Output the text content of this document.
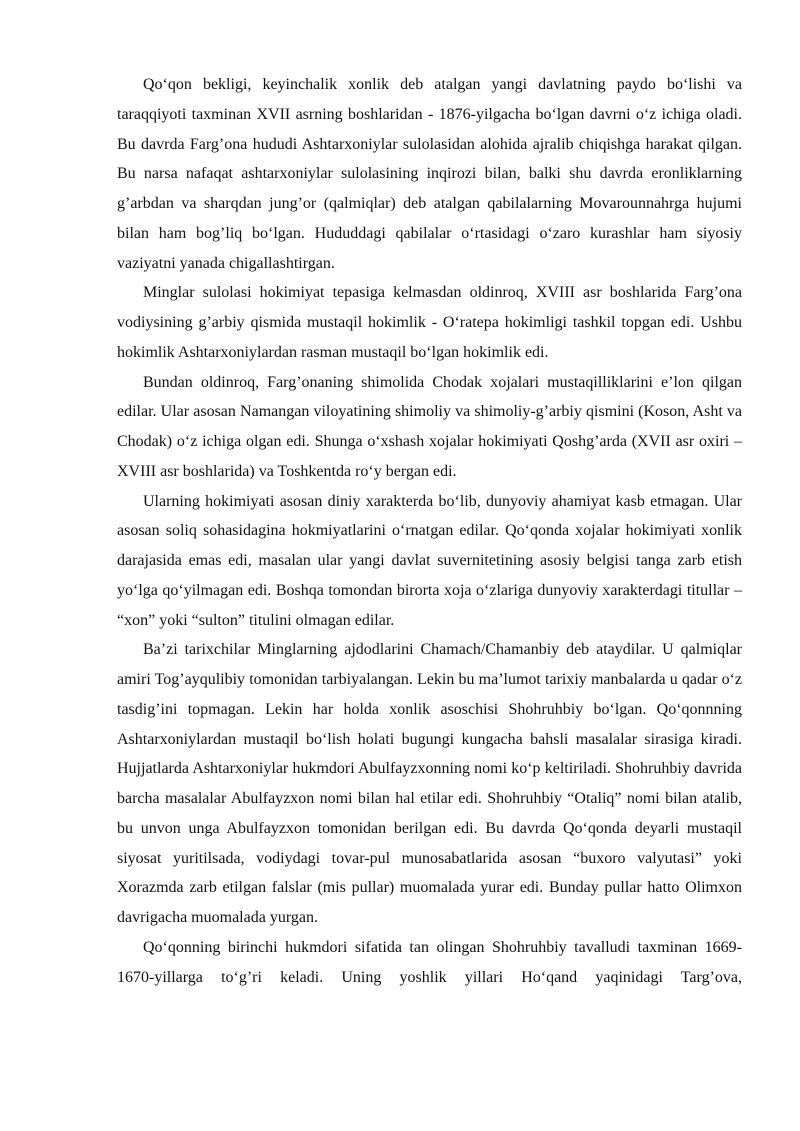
Qo‘qon bekligi, keyinchalik xonlik deb atalgan yangi davlatning paydo bo‘lishi va taraqqiyoti taxminan XVII asrning boshlaridan - 1876-yilgacha bo‘lgan davrni o‘z ichiga oladi. Bu davrda Farg’ona hududi Ashtarxoniylar sulolasidan alohida ajralib chiqishga harakat qilgan. Bu narsa nafaqat ashtarxoniylar sulolasining inqirozi bilan, balki shu davrda eronliklarning g’arbdan va sharqdan jung’or (qalmiqlar) deb atalgan qabilalarning Movarounnahrga hujumi bilan ham bog’liq bo‘lgan. Hududdagi qabilalar o‘rtasidagi o‘zaro kurashlar ham siyosiy vaziyatni yanada chigallashtirgan.

Minglar sulolasi hokimiyat tepasiga kelmasdan oldinroq, XVIII asr boshlarida Farg’ona vodiysining g’arbiy qismida mustaqil hokimlik - O‘ratepa hokimligi tashkil topgan edi. Ushbu hokimlik Ashtarxoniylardan rasman mustaqil bo‘lgan hokimlik edi.

Bundan oldinroq, Farg’onaning shimolida Chodak xojalari mustaqilliklarini e’lon qilgan edilar. Ular asosan Namangan viloyatining shimoliy va shimoliy-g’arbiy qismini (Koson, Asht va Chodak) o‘z ichiga olgan edi. Shunga o‘xshash xojalar hokimiyati Qoshg’arda (XVII asr oxiri – XVIII asr boshlarida) va Toshkentda ro‘y bergan edi.

Ularning hokimiyati asosan diniy xarakterda bo‘lib, dunyoviy ahamiyat kasb etmagan. Ular asosan soliq sohasidagina hokmiyatlarini o‘rnatgan edilar. Qo‘qonda xojalar hokimiyati xonlik darajasida emas edi, masalan ular yangi davlat suvernitetining asosiy belgisi tanga zarb etish yo‘lga qo‘yilmagan edi. Boshqa tomondan birorta xoja o‘zlariga dunyoviy xarakterdagi titullar – “xon” yoki “sulton” titulini olmagan edilar.

Ba’zi tarixchilar Minglarning ajdodlarini Chamach/Chamanbiy deb ataydilar. U qalmiqlar amiri Tog’ayqulibiy tomonidan tarbiyalangan. Lekin bu ma’lumot tarixiy manbalarda u qadar o‘z tasdig’ini topmagan. Lekin har holda xonlik asoschisi Shohruhbiy bo‘lgan. Qo‘qonnning Ashtarxoniylardan mustaqil bo‘lish holati bugungi kungacha bahsli masalalar sirasiga kiradi. Hujjatlarda Ashtarxoniylar hukmdori Abulfayzxonning nomi ko‘p keltiriladi. Shohruhbiy davrida barcha masalalar Abulfayzxon nomi bilan hal etilar edi. Shohruhbiy “Otaliq” nomi bilan atalib, bu unvon unga Abulfayzxon tomonidan berilgan edi. Bu davrda Qo‘qonda deyarli mustaqil siyosat yuritilsada, vodiydagi tovar-pul munosabatlarida asosan “buxoro valyutasi” yoki Xorazmda zarb etilgan falslar (mis pullar) muomalada yurar edi. Bunday pullar hatto Olimxon davrigacha muomalada yurgan.

Qo‘qonning birinchi hukmdori sifatida tan olingan Shohruhbiy tavalludi taxminan 1669-1670-yillarga to‘g’ri keladi. Uning yoshlik yillari Ho‘qand yaqinidagi Targ’ova,
